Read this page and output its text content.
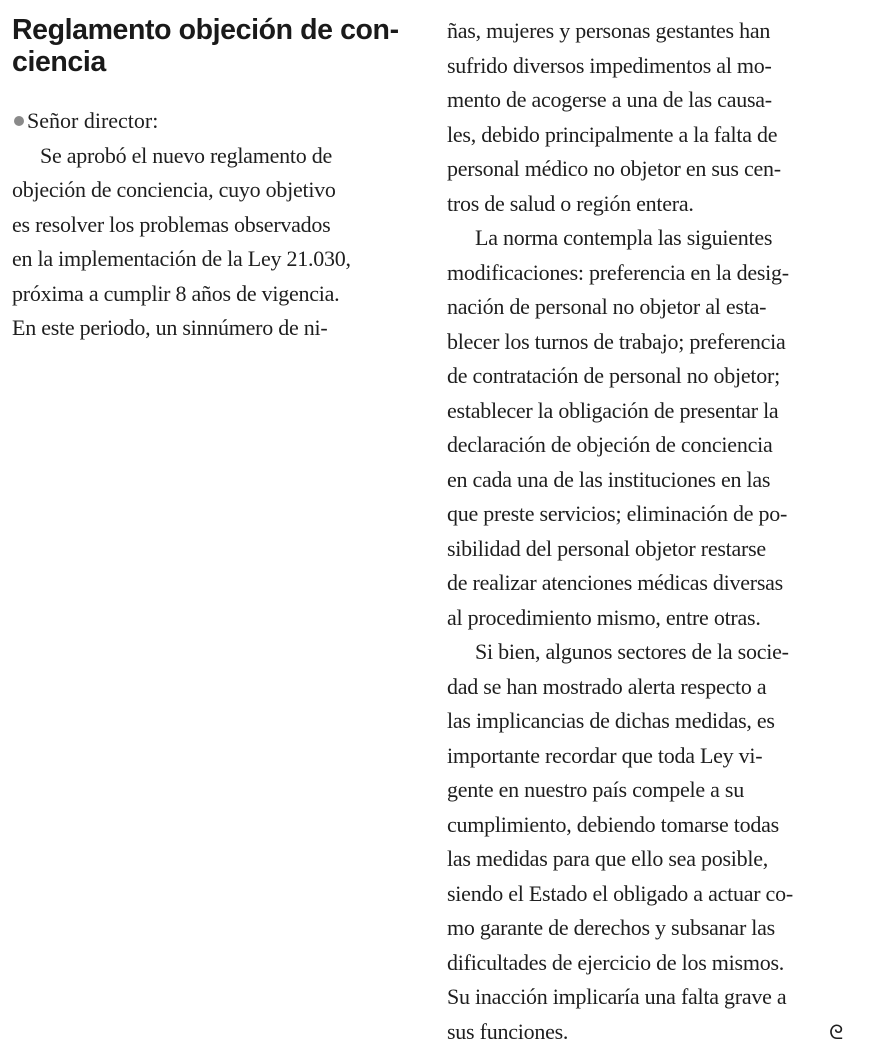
Reglamento objeción de con-
ciencia

Señor director:

Se aprobó el nuevo reglamento de

objeción de conciencia, cuyo objetivo

es resolver los problemas observados

en la implementación de la Ley 21.030,

próxima a cumplir 8 años de vigencia.

En este periodo, un sinnúmero de ni-

ñas, mujeres y personas gestantes han

sufrido diversos impedimentos al mo-

mento de acogerse a una de las causa-

les, debido principalmente a la falta de

personal médico no objetor en sus cen-

tros de salud o región entera.

La norma contempla las siguientes

modificaciones: preferencia en la desig-

nación de personal no objetor al esta-

blecer los turnos de trabajo; preferencia

de contratación de personal no objetor;

establecer la obligación de presentar la

declaración de objeción de conciencia

en cada una de las instituciones en las

que preste servicios; eliminación de po-

sibilidad del personal objetor restarse

de realizar atenciones médicas diversas

al procedimiento mismo, entre otras.

Si bien, algunos sectores de la socie-

dad se han mostrado alerta respecto a

las implicancias de dichas medidas, es

importante recordar que toda Ley vi-

gente en nuestro país compele a su

cumplimiento, debiendo tomarse todas

las medidas para que ello sea posible,

siendo el Estado el obligado a actuar co-

mo garante de derechos y subsanar las

dificultades de ejercicio de los mismos.

Su inacción implicaría una falta grave a

sus funciones.	ᘓ
